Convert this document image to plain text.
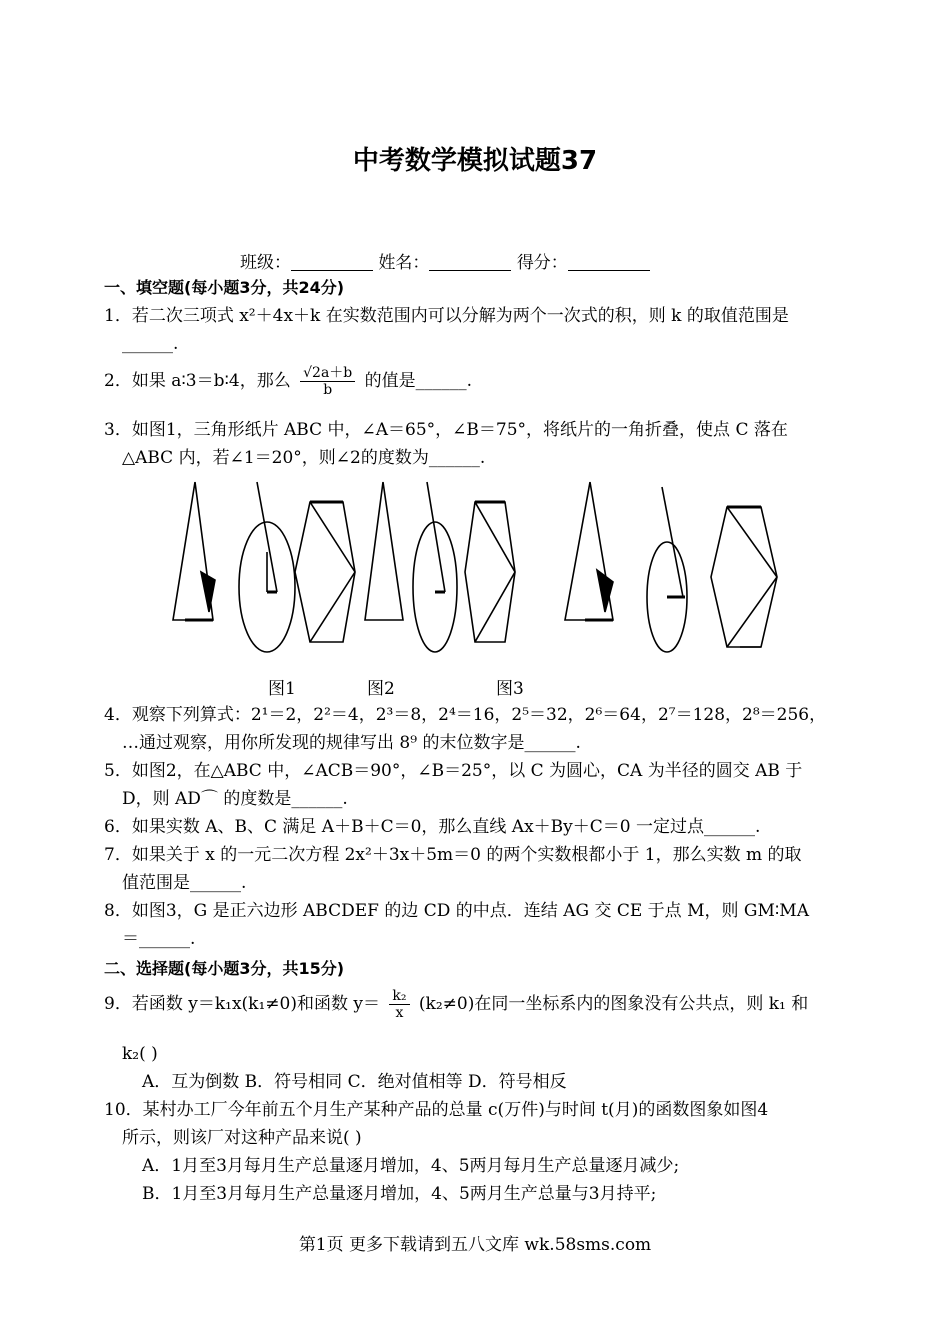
中考数学模拟试题37
班级：	姓名：	得分：
一、填空题(每小题3分，共24分)
1．若二次三项式 x²＋4x＋k 在实数范围内可以分解为两个一次式的积，则 k 的取值范围是
______.
2．如果 a∶3＝b∶4，那么 $\frac{√2a+b}{b}$ 的值是______.
3．如图1，三角形纸片 ABC 中，∠A＝65°，∠B＝75°，将纸片的一角折叠，使点 C 落在
△ABC 内，若∠1＝20°，则∠2的度数为______.
图1	图2	图3
4．观察下列算式：2¹＝2，2²＝4，2³＝8，2⁴＝16，2⁵＝32，2⁶＝64，2⁷＝128，2⁸＝256，
…通过观察，用你所发现的规律写出 8⁹ 的末位数字是______.
5．如图2，在△ABC 中，∠ACB＝90°，∠B＝25°，以 C 为圆心，CA 为半径的圆交 AB 于
D，则 AD⌒ 的度数是______.
6．如果实数 A、B、C 满足 A＋B＋C＝0，那么直线 Ax＋By＋C＝0 一定过点______.
7．如果关于 x 的一元二次方程 2x²＋3x＋5m＝0 的两个实数根都小于 1，那么实数 m 的取
值范围是______.
8．如图3，G 是正六边形 ABCDEF 的边 CD 的中点．连结 AG 交 CE 于点 M，则 GM∶MA
＝______.
二、选择题(每小题3分，共15分)
9．若函数 y＝k₁x(k₁≠0)和函数 $y= \frac{\text{k₂}}{x} (k_2\ne 0)$在同一坐标系内的图象没有公共点，则 k₁ 和
k₂( )
A．互为倒数 B．符号相同 C．绝对值相等 D．符号相反
10．某村办工厂今年前五个月生产某种产品的总量 c(万件)与时间 t(月)的函数图象如图4
所示，则该厂对这种产品来说( )
A．1月至3月每月生产总量逐月增加，4、5两月每月生产总量逐月减少;
B．1月至3月每月生产总量逐月增加，4、5两月生产总量与3月持平;
第1页 更多下载请到五八文库 wk.58sms.com
